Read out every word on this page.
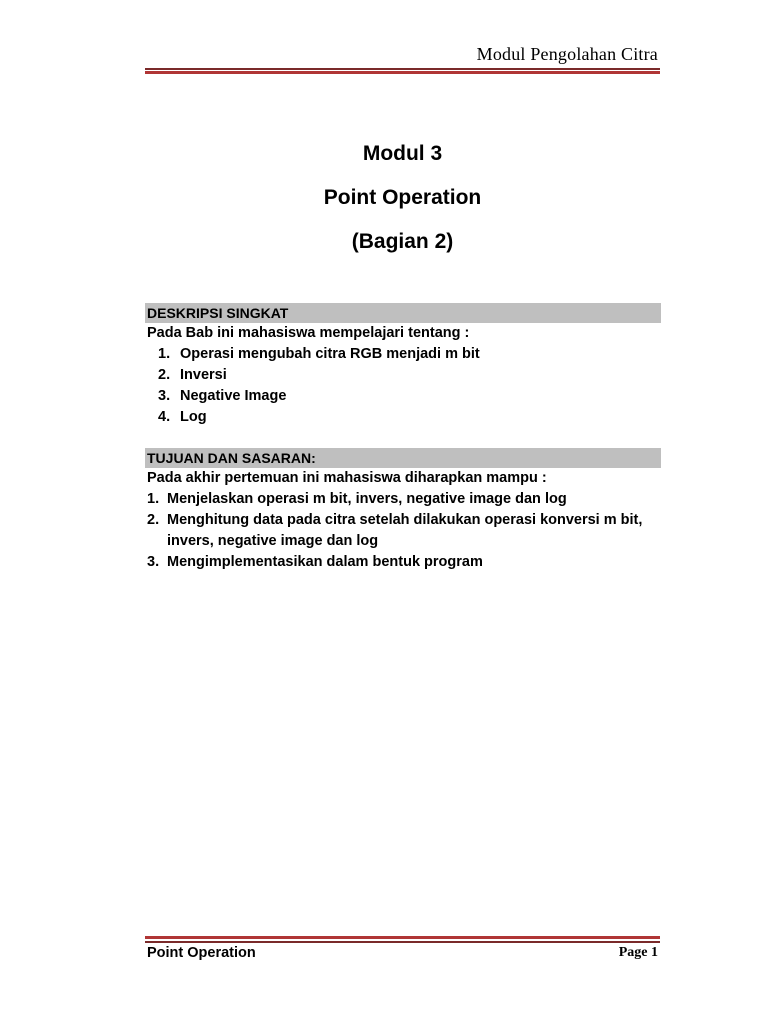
Modul Pengolahan Citra
Modul 3
Point Operation
(Bagian 2)
DESKRIPSI SINGKAT

Pada Bab ini mahasiswa mempelajari tentang :

1. Operasi mengubah citra RGB menjadi m bit
2. Inversi
3. Negative Image
4. Log
TUJUAN DAN SASARAN:

Pada akhir pertemuan ini mahasiswa diharapkan mampu :

1. Menjelaskan operasi m bit, invers, negative image dan log
2. Menghitung data pada citra setelah dilakukan operasi konversi m bit, invers, negative image dan log
3. Mengimplementasikan dalam bentuk program
Point Operation	Page 1
